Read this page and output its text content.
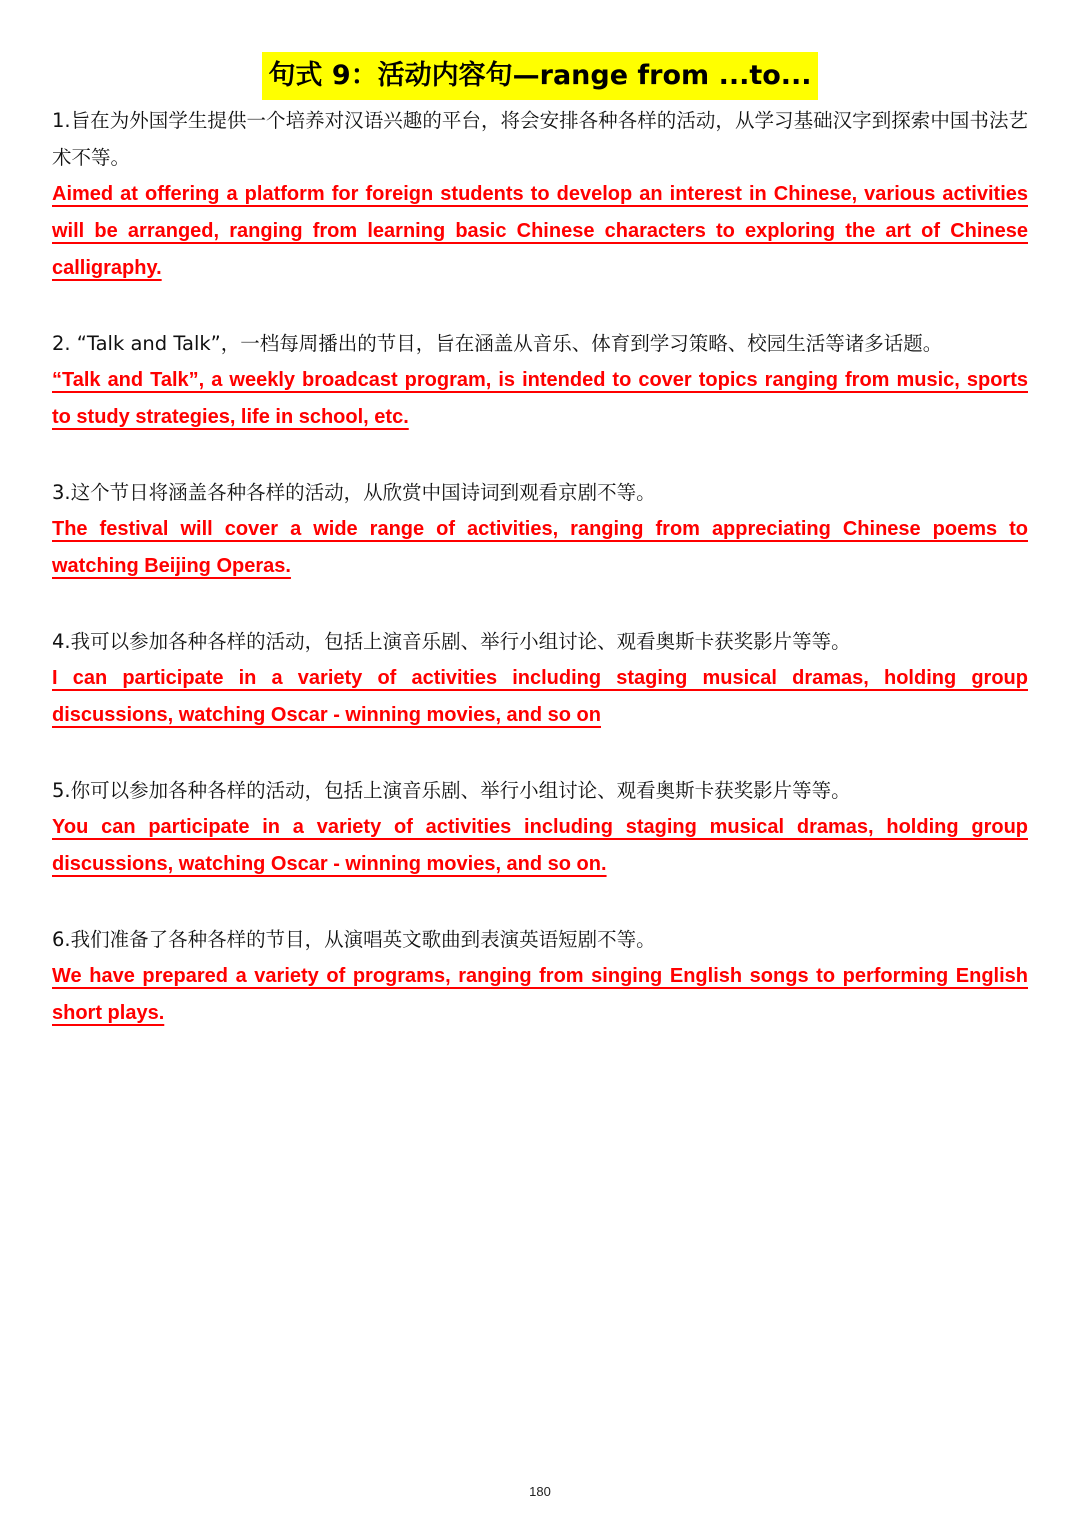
句式 9：活动内容句—range from ...to...
1.旨在为外国学生提供一个培养对汉语兴趣的平台，将会安排各种各样的活动，从学习基础汉字到探索中国书法艺术不等。
Aimed at offering a platform for foreign students to develop an interest in Chinese, various activities will be arranged, ranging from learning basic Chinese characters to exploring the art of Chinese calligraphy.
2. “Talk and Talk”，一档每周播出的节目，旨在涵盖从音乐、体育到学习策略、校园生活等诸多话题。
“Talk and Talk”, a weekly broadcast program, is intended to cover topics ranging from music, sports to study strategies, life in school, etc.
3.这个节日将涵盖各种各样的活动，从欣赏中国诗词到观看京剧不等。
The festival will cover a wide range of activities, ranging from appreciating Chinese poems to watching Beijing Operas.
4.我可以参加各种各样的活动，包括上演音乐剧、举行小组讨论、观看奥斯卡获奖影片等等。
I can participate in a variety of activities including staging musical dramas, holding group discussions, watching Oscar - winning movies, and so on
5.你可以参加各种各样的活动，包括上演音乐剧、举行小组讨论、观看奥斯卡获奖影片等等。
You can participate in a variety of activities including staging musical dramas, holding group discussions, watching Oscar - winning movies, and so on.
6.我们准备了各种各样的节目，从演唱英文歌曲到表演英语短剧不等。
We have prepared a variety of programs, ranging from singing English songs to performing English short plays.
180
